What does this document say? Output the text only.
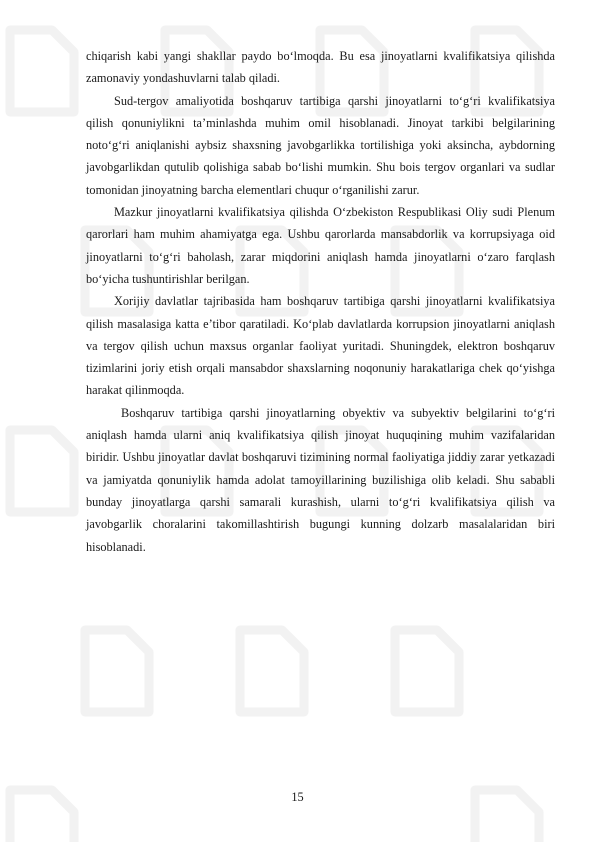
chiqarish kabi yangi shakllar paydo bo‘lmoqda. Bu esa jinoyatlarni kvalifikatsiya qilishda zamonaviy yondashuvlarni talab qiladi.

Sud-tergov amaliyotida boshqaruv tartibiga qarshi jinoyatlarni to‘g‘ri kvalifikatsiya qilish qonuniylikni ta’minlashda muhim omil hisoblanadi. Jinoyat tarkibi belgilarining noto‘g‘ri aniqlanishi aybsiz shaxsning javobgarlikka tortilishiga yoki aksincha, aybdorning javobgarlikdan qutulib qolishiga sabab bo‘lishi mumkin. Shu bois tergov organlari va sudlar tomonidan jinoyatning barcha elementlari chuqur o‘rganilishi zarur.

Mazkur jinoyatlarni kvalifikatsiya qilishda O‘zbekiston Respublikasi Oliy sudi Plenum qarorlari ham muhim ahamiyatga ega. Ushbu qarorlarda mansabdorlik va korrupsiyaga oid jinoyatlarni to‘g‘ri baholash, zarar miqdorini aniqlash hamda jinoyatlarni o‘zaro farqlash bo‘yicha tushuntirishlar berilgan.

Xorijiy davlatlar tajribasida ham boshqaruv tartibiga qarshi jinoyatlarni kvalifikatsiya qilish masalasiga katta e’tibor qaratiladi. Ko‘plab davlatlarda korrupsion jinoyatlarni aniqlash va tergov qilish uchun maxsus organlar faoliyat yuritadi. Shuningdek, elektron boshqaruv tizimlarini joriy etish orqali mansabdor shaxslarning noqonuniy harakatlariga chek qo‘yishga harakat qilinmoqda.

Boshqaruv tartibiga qarshi jinoyatlarning obyektiv va subyektiv belgilarini to‘g‘ri aniqlash hamda ularni aniq kvalifikatsiya qilish jinoyat huquqining muhim vazifalaridan biridir. Ushbu jinoyatlar davlat boshqaruvi tizimining normal faoliyatiga jiddiy zarar yetkazadi va jamiyatda qonuniylik hamda adolat tamoyillarining buzilishiga olib keladi. Shu sababli bunday jinoyatlarga qarshi samarali kurashish, ularni to‘g‘ri kvalifikatsiya qilish va javobgarlik choralarini takomillashtirish bugungi kunning dolzarb masalalaridan biri hisoblanadi.

15
